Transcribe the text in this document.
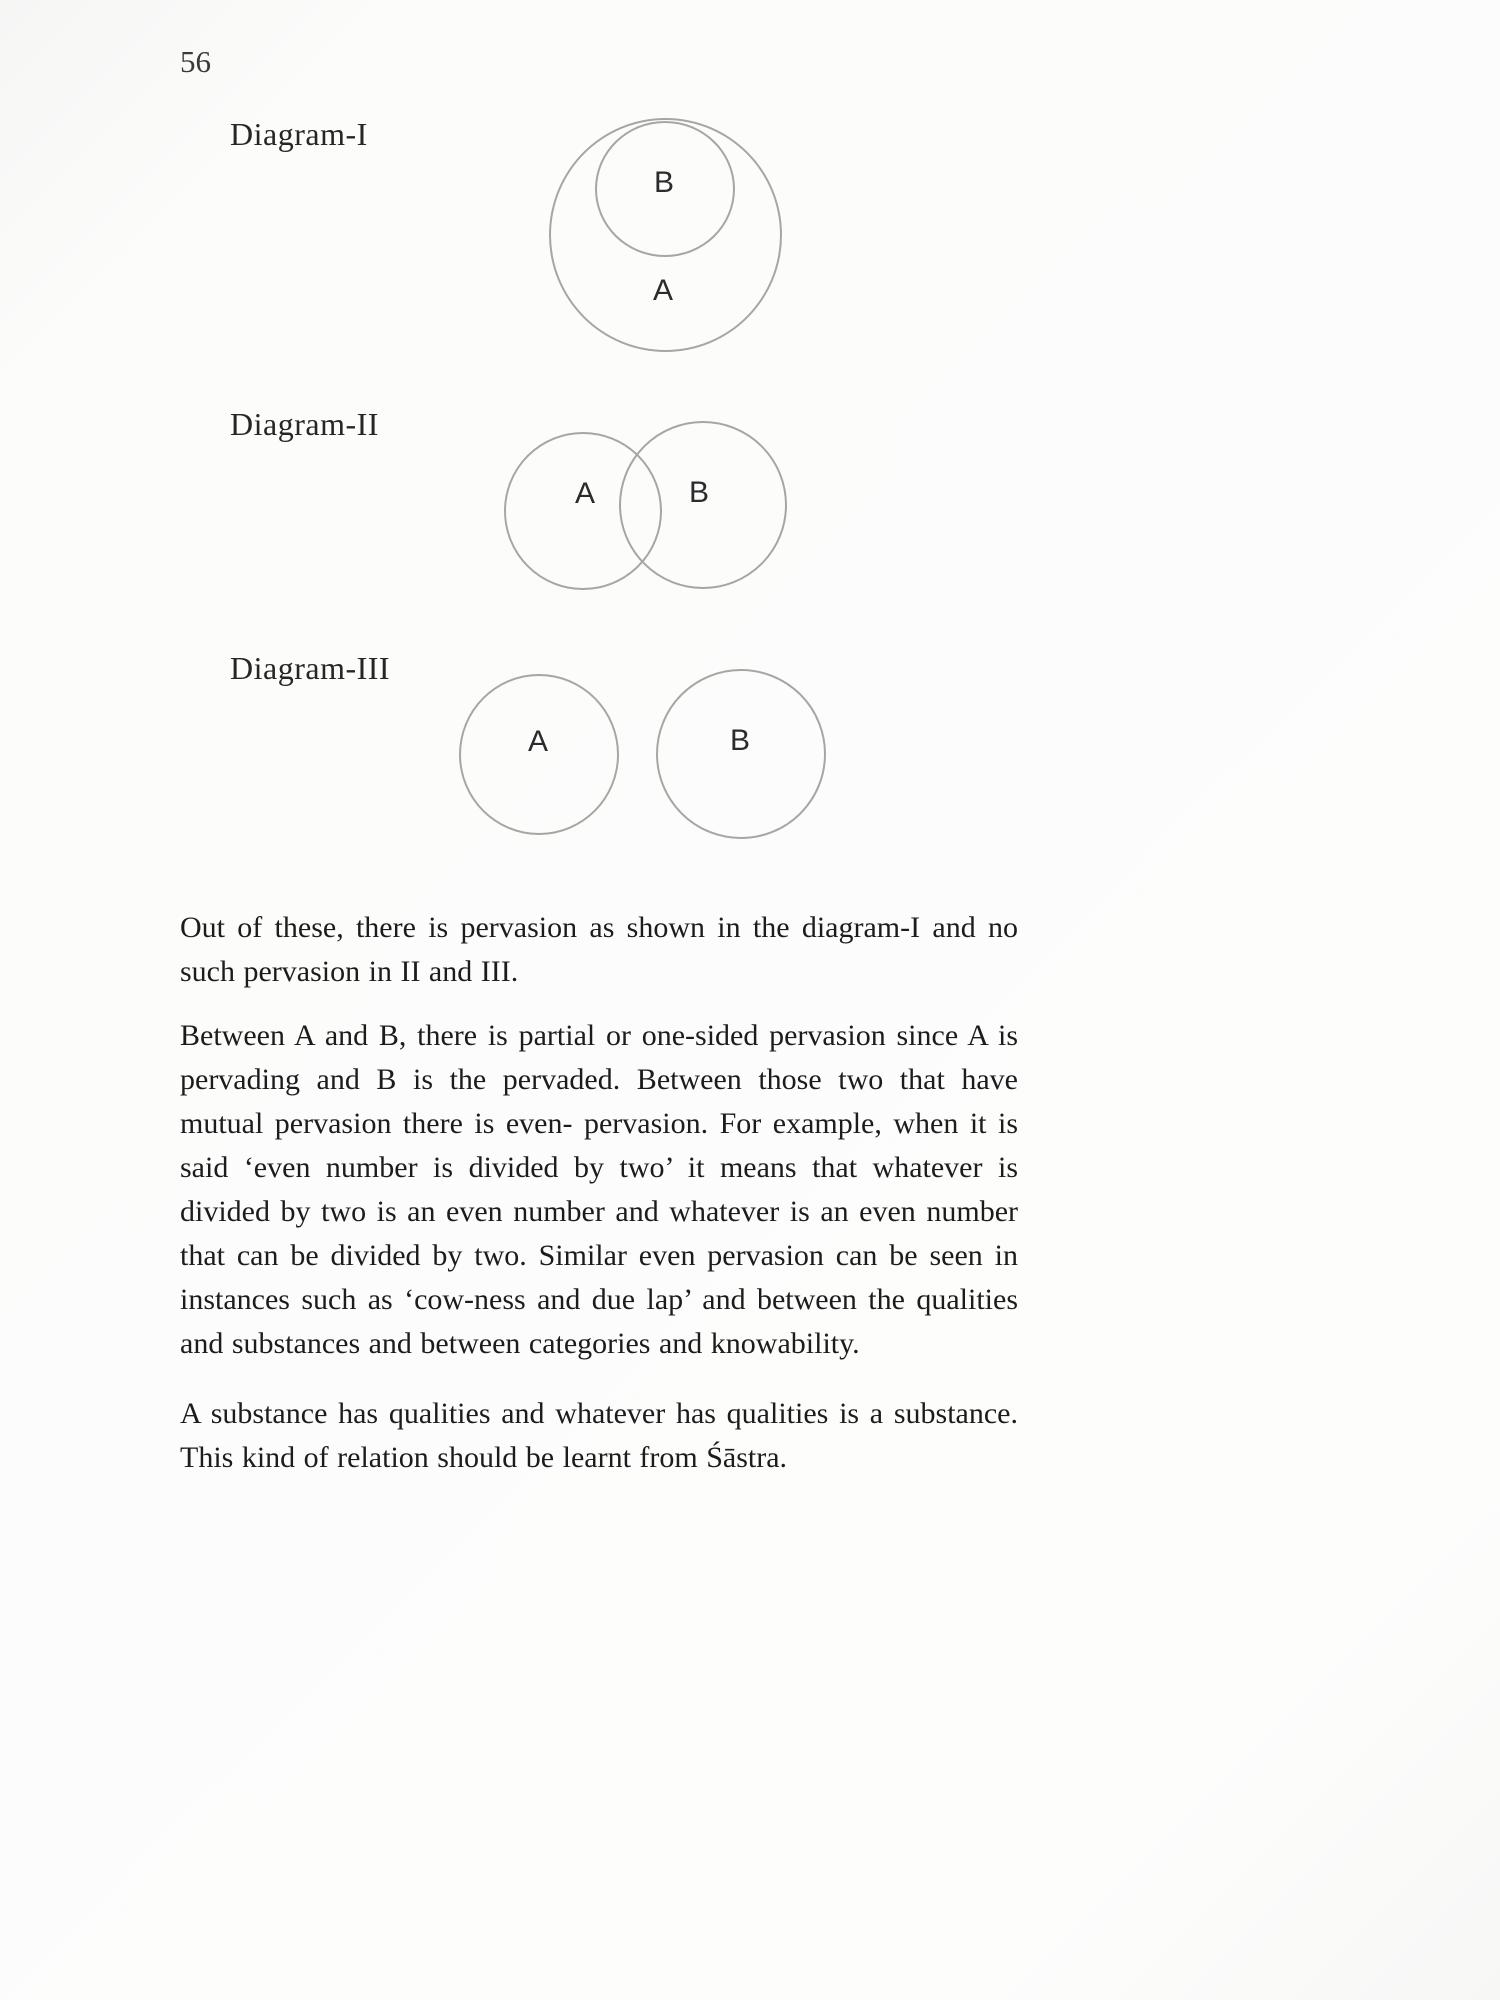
56
Diagram-I
B
A
Diagram-II
A	B
Diagram-III
A	B

Out of these, there is pervasion as shown in the diagram-I and no such pervasion in II and III.

Between A and B, there is partial or one-sided pervasion since A is pervading and B is the pervaded. Between those two that have mutual pervasion there is even- pervasion. For example, when it is said ‘even number is divided by two’ it means that whatever is divided by two is an even number and whatever is an even number that can be divided by two. Similar even pervasion can be seen in instances such as ‘cow-ness and due lap’ and between the qualities and substances and between categories and knowability.

A substance has qualities and whatever has qualities is a substance. This kind of relation should be learnt from Śāstra.
